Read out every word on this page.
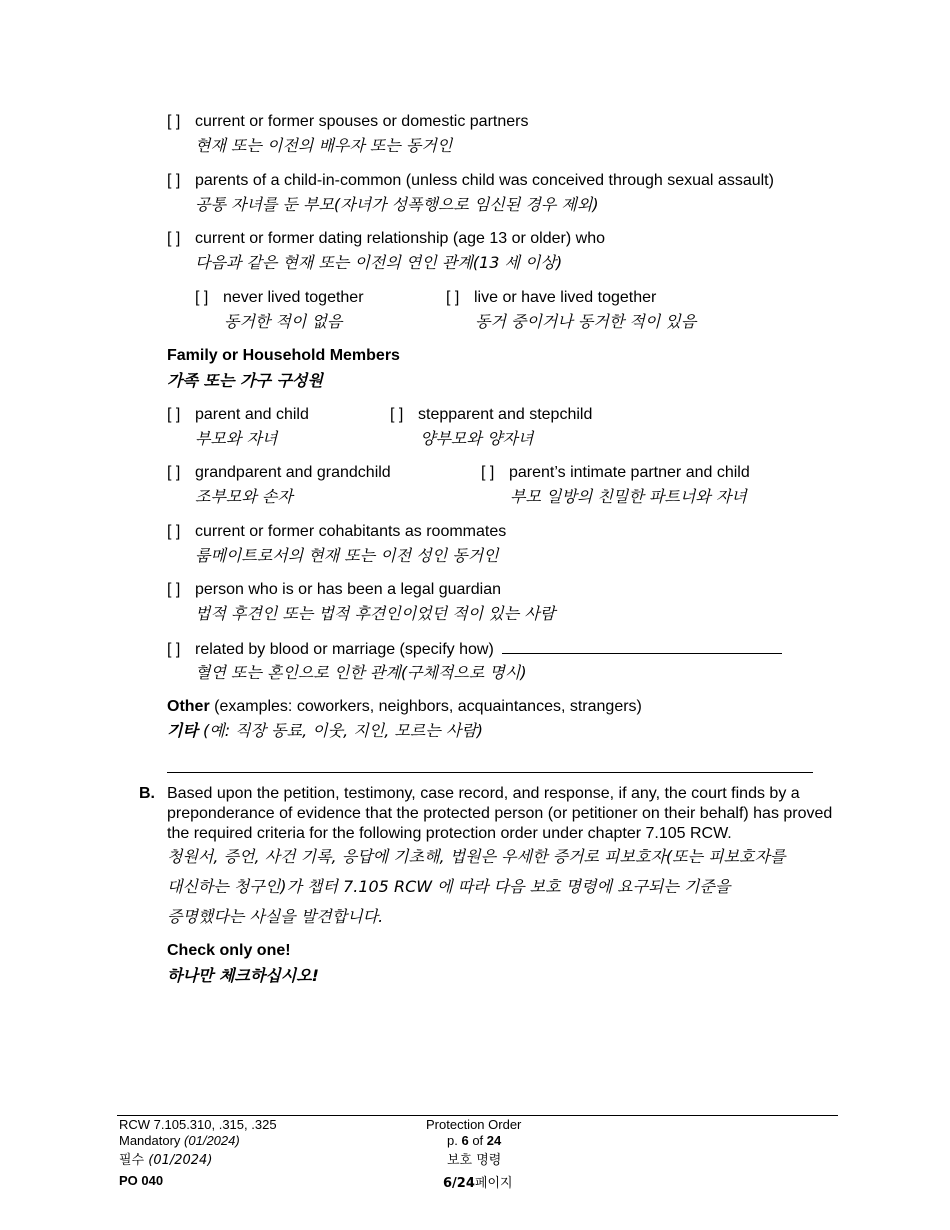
[ ] current or former spouses or domestic partners
현재 또는 이전의 배우자 또는 동거인
[ ] parents of a child-in-common (unless child was conceived through sexual assault)
공통 자녀를 둔 부모(자녀가 성폭행으로 임신된 경우 제외)
[ ] current or former dating relationship (age 13 or older) who
다음과 같은 현재 또는 이전의 연인 관계(13 세 이상)
[ ] never lived together
동거한 적이 없음
[ ] live or have lived together
동거 중이거나 동거한 적이 있음
Family or Household Members
가족 또는 가구 구성원
[ ] parent and child
부모와 자녀
[ ] stepparent and stepchild
양부모와 양자녀
[ ] grandparent and grandchild
조부모와 손자
[ ] parent’s intimate partner and child
부모 일방의 친밀한 파트너와 자녀
[ ] current or former cohabitants as roommates
룸메이트로서의 현재 또는 이전 성인 동거인
[ ] person who is or has been a legal guardian
법적 후견인 또는 법적 후견인이었던 적이 있는 사람
[ ] related by blood or marriage (specify how)
혈연 또는 혼인으로 인한 관계(구체적으로 명시)
Other (examples: coworkers, neighbors, acquaintances, strangers)
기타 (예: 직장 동료, 이웃, 지인, 모르는 사람)
B. Based upon the petition, testimony, case record, and response, if any, the court finds by a preponderance of evidence that the protected person (or petitioner on their behalf) has proved the required criteria for the following protection order under chapter 7.105 RCW.
청원서, 증언, 사건 기록, 응답에 기초해, 법원은 우세한 증거로 피보호자(또는 피보호자를
대신하는 청구인)가 챕터 7.105 RCW 에 따라 다음 보호 명령에 요구되는 기준을
증명했다는 사실을 발견합니다.
Check only one!
하나만 체크하십시오!
RCW 7.105.310, .315, .325
Mandatory (01/2024)
필수 (01/2024)
PO 040
Protection Order
p. 6 of 24
보호 명령
6/24페이지
